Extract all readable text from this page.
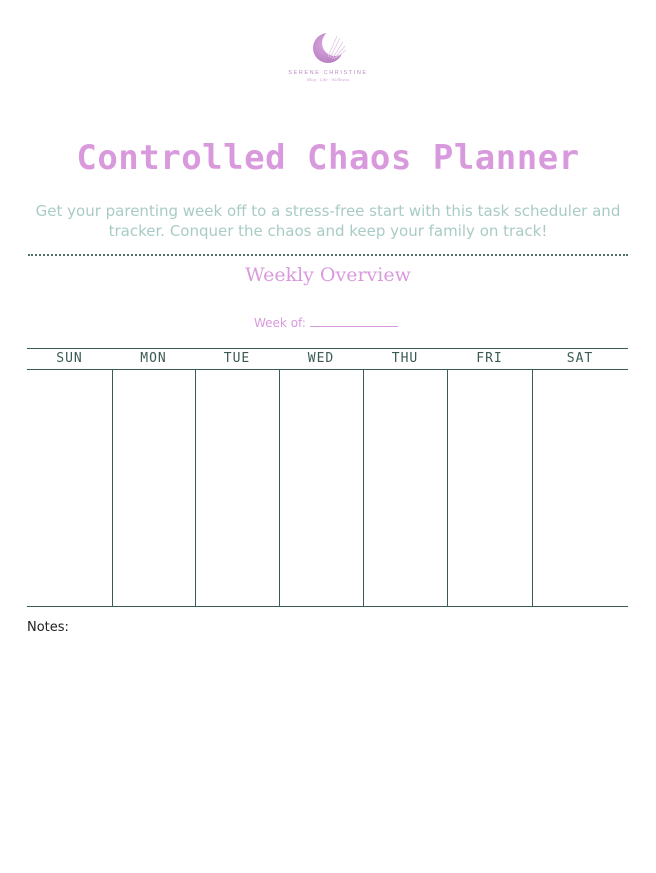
SERENE CHRISTINE
Blog · Life · Wellness
Controlled Chaos Planner
Get your parenting week off to a stress-free start with this task scheduler and tracker. Conquer the chaos and keep your family on track!
Weekly Overview
Week of:
SUN	MON	TUE	WED	THU	FRI	SAT
Notes:
